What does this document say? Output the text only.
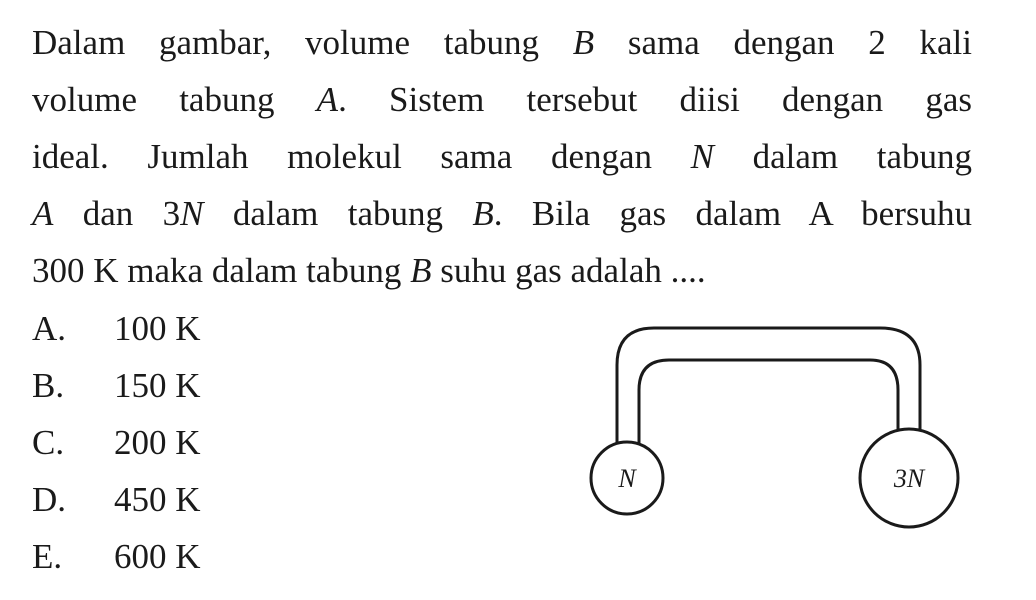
Dalam gambar, volume tabung B sama dengan 2 kali
volume tabung A. Sistem tersebut diisi dengan gas
ideal. Jumlah molekul sama dengan N dalam tabung
A dan 3N dalam tabung B. Bila gas dalam A bersuhu
300 K maka dalam tabung B suhu gas adalah ....
A.	100 K
B.	150 K
C.	200 K
D.	450 K
E.	600 K
N	3N
